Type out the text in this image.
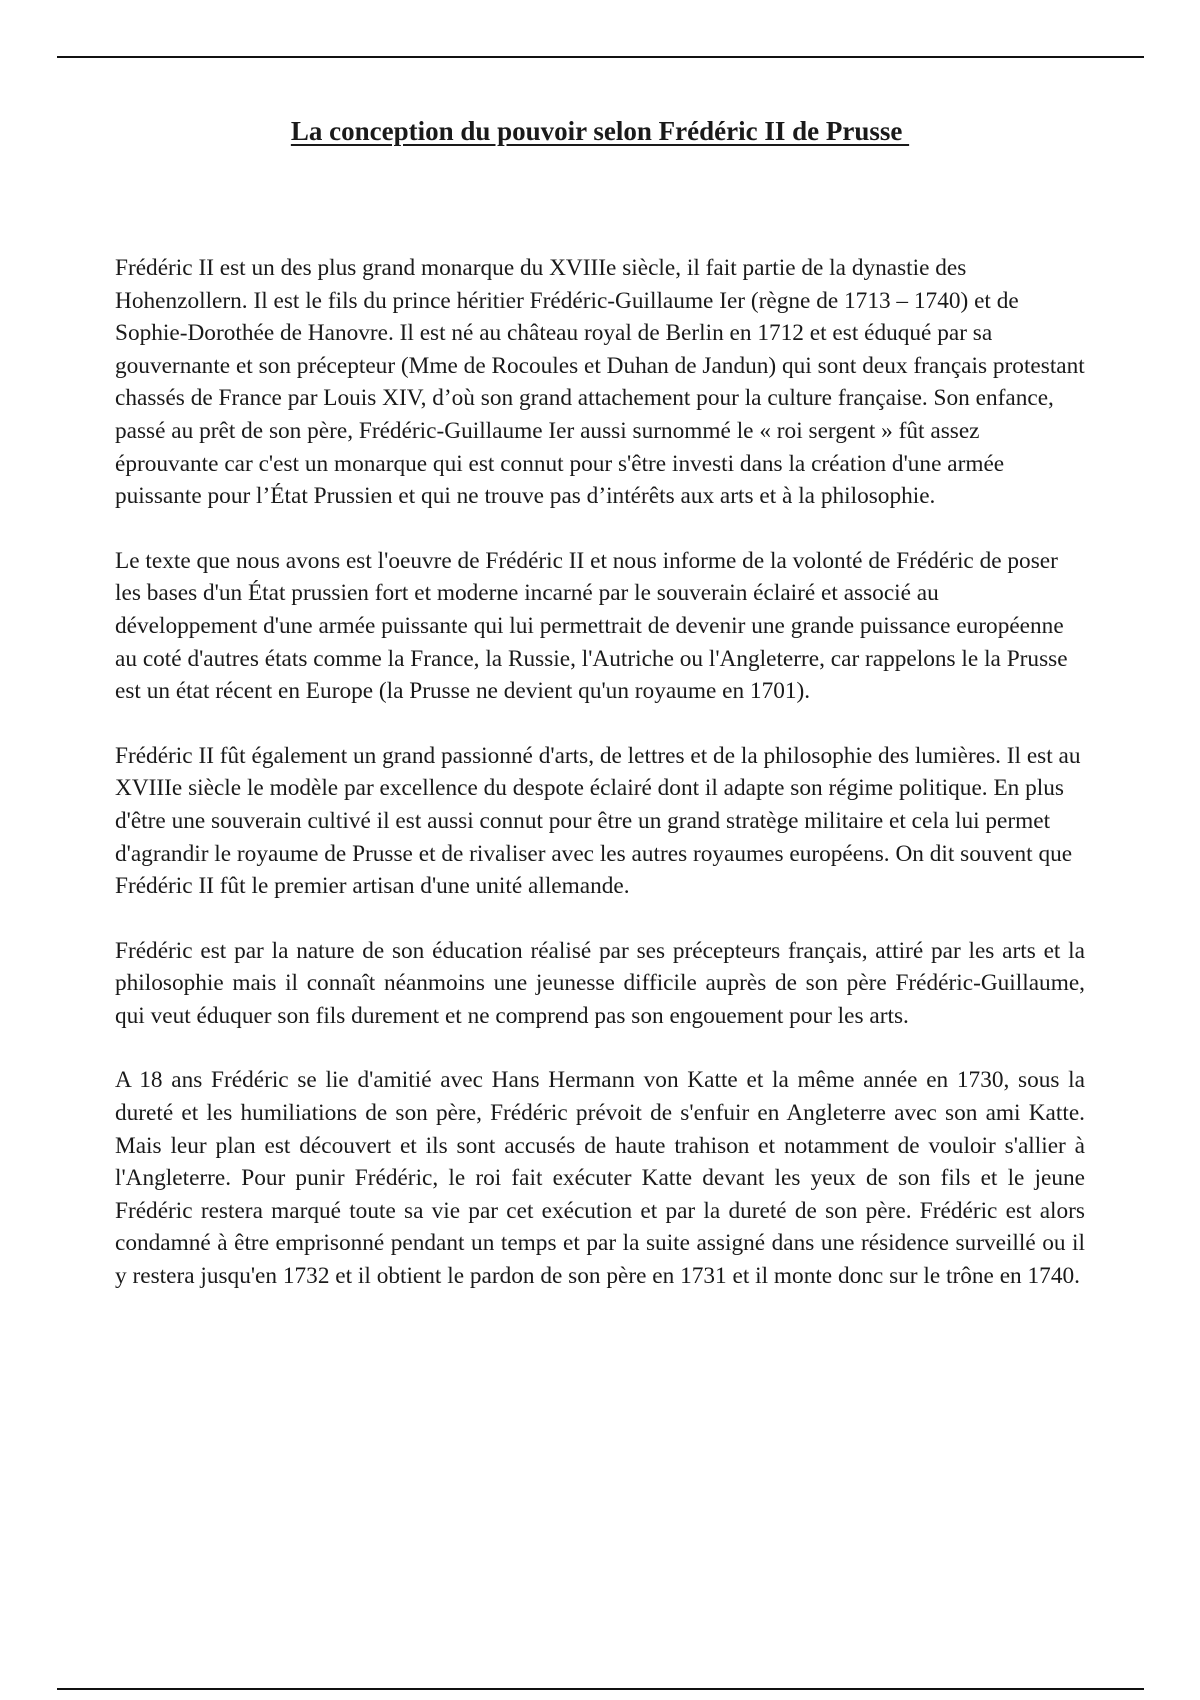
La conception du pouvoir selon Frédéric II de Prusse

Frédéric II est un des plus grand monarque du XVIIIe siècle, il fait partie de la dynastie des Hohenzollern. Il est le fils du prince héritier Frédéric-Guillaume Ier (règne de 1713 – 1740) et de Sophie-Dorothée de Hanovre. Il est né au château royal de Berlin en 1712 et est éduqué par sa gouvernante et son précepteur (Mme de Rocoules et Duhan de Jandun) qui sont deux français protestant chassés de France par Louis XIV, d’où son grand attachement pour la culture française. Son enfance, passé au prêt de son père, Frédéric-Guillaume Ier aussi surnommé le « roi sergent » fût assez éprouvante car c'est un monarque qui est connut pour s'être investi dans la création d'une armée puissante pour l’État Prussien et qui ne trouve pas d’intérêts aux arts et à la philosophie.

Le texte que nous avons est l'oeuvre de Frédéric II et nous informe de la volonté de Frédéric de poser les bases d'un État prussien fort et moderne incarné par le souverain éclairé et associé au développement d'une armée puissante qui lui permettrait de devenir une grande puissance européenne au coté d'autres états comme la France, la Russie, l'Autriche ou l'Angleterre, car rappelons le la Prusse est un état récent en Europe (la Prusse ne devient qu'un royaume en 1701).

Frédéric II fût également un grand passionné d'arts, de lettres et de la philosophie des lumières. Il est au XVIIIe siècle le modèle par excellence du despote éclairé dont il adapte son régime politique. En plus d'être une souverain cultivé il est aussi connut pour être un grand stratège militaire et cela lui permet d'agrandir le royaume de Prusse et de rivaliser avec les autres royaumes européens. On dit souvent que Frédéric II fût le premier artisan d'une unité allemande.

Frédéric est par la nature de son éducation réalisé par ses précepteurs français, attiré par les arts et la philosophie mais il connaît néanmoins une jeunesse difficile auprès de son père Frédéric-Guillaume, qui veut éduquer son fils durement et ne comprend pas son engouement pour les arts.

A 18 ans Frédéric se lie d'amitié avec Hans Hermann von Katte et la même année en 1730, sous la dureté et les humiliations de son père, Frédéric prévoit de s'enfuir en Angleterre avec son ami Katte. Mais leur plan est découvert et ils sont accusés de haute trahison et notamment de vouloir s'allier à l'Angleterre. Pour punir Frédéric, le roi fait exécuter Katte devant les yeux de son fils et le jeune Frédéric restera marqué toute sa vie par cet exécution et par la dureté de son père. Frédéric est alors condamné à être emprisonné pendant un temps et par la suite assigné dans une résidence surveillé ou il y restera jusqu'en 1732 et il obtient le pardon de son père en 1731 et il monte donc sur le trône en 1740.
